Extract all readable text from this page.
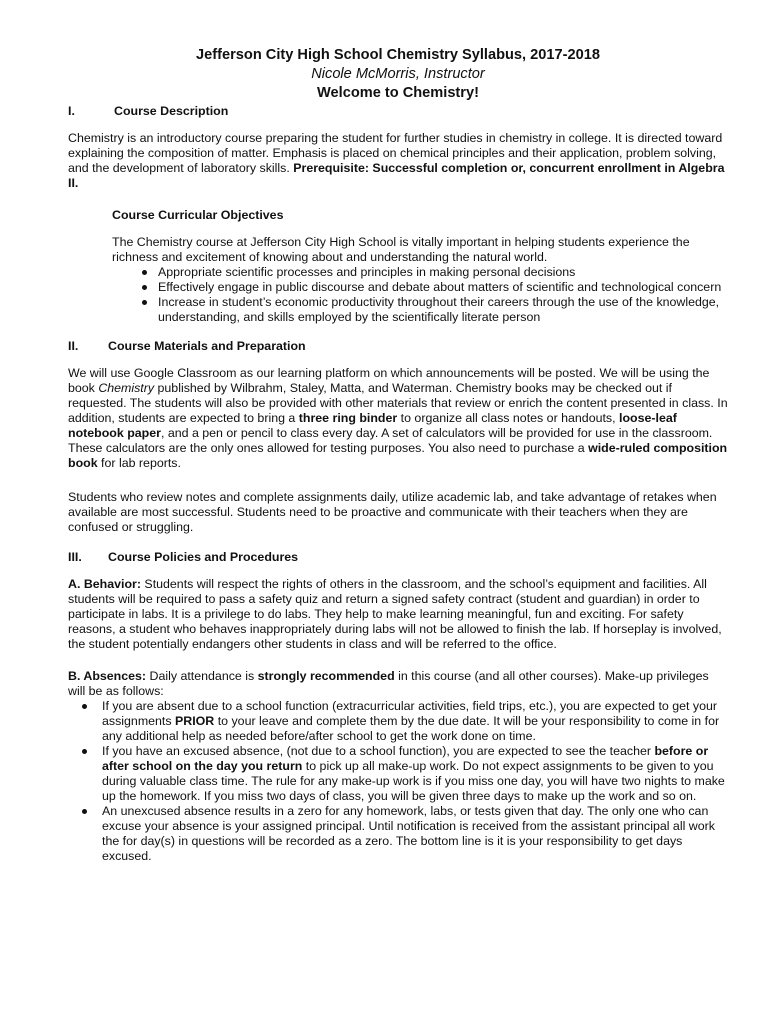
Jefferson City High School Chemistry Syllabus, 2017-2018
Nicole McMorris, Instructor
Welcome to Chemistry!
I.	Course Description

Chemistry is an introductory course preparing the student for further studies in chemistry in college. It is directed toward explaining the composition of matter. Emphasis is placed on chemical principles and their application, problem solving, and the development of laboratory skills. Prerequisite: Successful completion or, concurrent enrollment in Algebra II.

Course Curricular Objectives

The Chemistry course at Jefferson City High School is vitally important in helping students experience the richness and excitement of knowing about and understanding the natural world.

Appropriate scientific processes and principles in making personal decisions
Effectively engage in public discourse and debate about matters of scientific and technological concern
Increase in student’s economic productivity throughout their careers through the use of the knowledge, understanding, and skills employed by the scientifically literate person
II.	Course Materials and Preparation

We will use Google Classroom as our learning platform on which announcements will be posted. We will be using the book Chemistry published by Wilbrahm, Staley, Matta, and Waterman. Chemistry books may be checked out if requested. The students will also be provided with other materials that review or enrich the content presented in class. In addition, students are expected to bring a three ring binder to organize all class notes or handouts, loose-leaf notebook paper, and a pen or pencil to class every day. A set of calculators will be provided for use in the classroom. These calculators are the only ones allowed for testing purposes. You also need to purchase a wide-ruled composition book for lab reports.

Students who review notes and complete assignments daily, utilize academic lab, and take advantage of retakes when available are most successful. Students need to be proactive and communicate with their teachers when they are confused or struggling.

III.	Course Policies and Procedures

A. Behavior: Students will respect the rights of others in the classroom, and the school’s equipment and facilities. All students will be required to pass a safety quiz and return a signed safety contract (student and guardian) in order to participate in labs. It is a privilege to do labs. They help to make learning meaningful, fun and exciting. For safety reasons, a student who behaves inappropriately during labs will not be allowed to finish the lab. If horseplay is involved, the student potentially endangers other students in class and will be referred to the office.

B. Absences: Daily attendance is strongly recommended in this course (and all other courses). Make-up privileges will be as follows:

If you are absent due to a school function (extracurricular activities, field trips, etc.), you are expected to get your assignments PRIOR to your leave and complete them by the due date. It will be your responsibility to come in for any additional help as needed before/after school to get the work done on time.
If you have an excused absence, (not due to a school function), you are expected to see the teacher before or after school on the day you return to pick up all make-up work. Do not expect assignments to be given to you during valuable class time. The rule for any make-up work is if you miss one day, you will have two nights to make up the homework. If you miss two days of class, you will be given three days to make up the work and so on.
An unexcused absence results in a zero for any homework, labs, or tests given that day. The only one who can excuse your absence is your assigned principal. Until notification is received from the assistant principal all work the for day(s) in questions will be recorded as a zero. The bottom line is it is your responsibility to get days excused.
